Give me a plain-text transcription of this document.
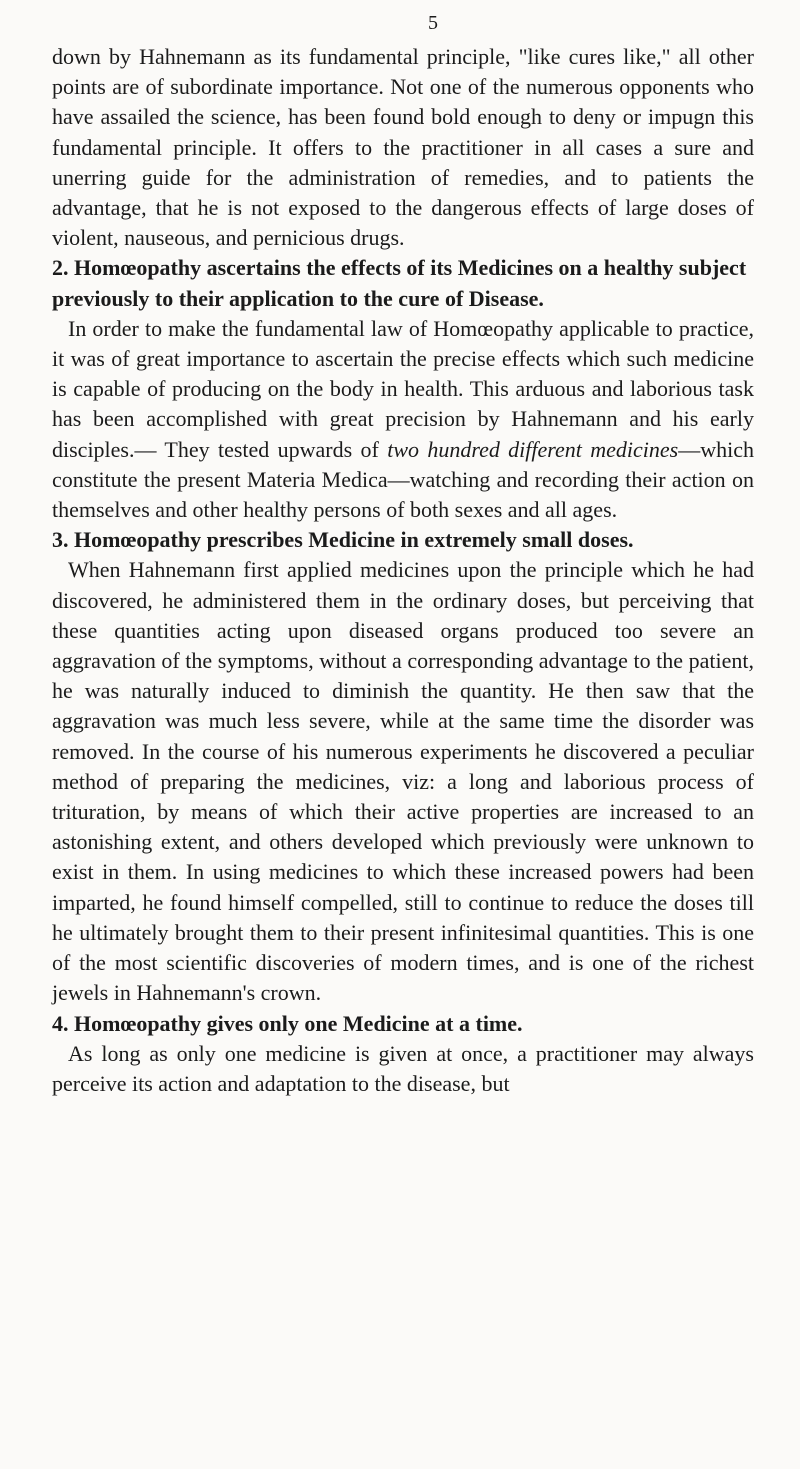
5

down by Hahnemann as its fundamental principle, "like cures like," all other points are of subordinate importance. Not one of the numerous opponents who have assailed the science, has been found bold enough to deny or impugn this fundamental principle. It offers to the practitioner in all cases a sure and unerring guide for the administration of remedies, and to patients the advantage, that he is not exposed to the dangerous effects of large doses of violent, nauseous, and pernicious drugs.

2. Homœopathy ascertains the effects of its Medicines on a healthy subject previously to their application to the cure of Disease.

In order to make the fundamental law of Homœopathy applicable to practice, it was of great importance to ascertain the precise effects which such medicine is capable of producing on the body in health. This arduous and laborious task has been accomplished with great precision by Hahnemann and his early disciples.— They tested upwards of two hundred different medicines—which constitute the present Materia Medica—watching and recording their action on themselves and other healthy persons of both sexes and all ages.

3. Homœopathy prescribes Medicine in extremely small doses.

When Hahnemann first applied medicines upon the principle which he had discovered, he administered them in the ordinary doses, but perceiving that these quantities acting upon diseased organs produced too severe an aggravation of the symptoms, without a corresponding advantage to the patient, he was naturally induced to diminish the quantity. He then saw that the aggravation was much less severe, while at the same time the disorder was removed. In the course of his numerous experiments he discovered a peculiar method of preparing the medicines, viz: a long and laborious process of trituration, by means of which their active properties are increased to an astonishing extent, and others developed which previously were unknown to exist in them. In using medicines to which these increased powers had been imparted, he found himself compelled, still to continue to reduce the doses till he ultimately brought them to their present infinitesimal quantities. This is one of the most scientific discoveries of modern times, and is one of the richest jewels in Hahnemann's crown.

4. Homœopathy gives only one Medicine at a time.

As long as only one medicine is given at once, a practitioner may always perceive its action and adaptation to the disease, but
